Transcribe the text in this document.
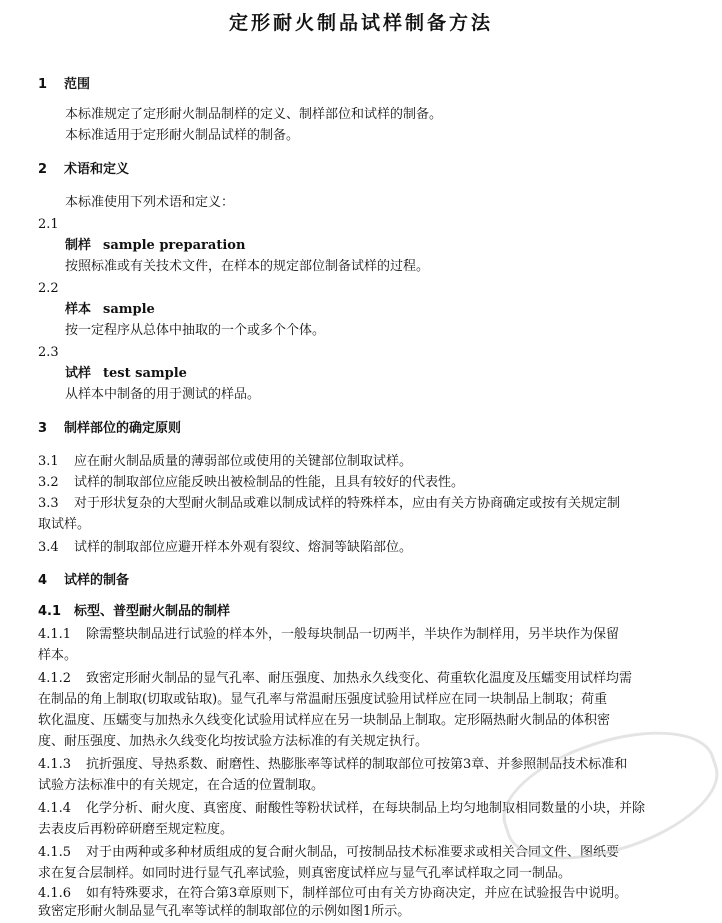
定形耐火制品试样制备方法
1 范围
本标准规定了定形耐火制品制样的定义、制样部位和试样的制备。
本标准适用于定形耐火制品试样的制备。
2 术语和定义
本标准使用下列术语和定义：
2.1
制样 sample preparation
按照标准或有关技术文件，在样本的规定部位制备试样的过程。
2.2
样本 sample
按一定程序从总体中抽取的一个或多个个体。
2.3
试样 test sample
从样本中制备的用于测试的样品。
3 制样部位的确定原则
3.1 应在耐火制品质量的薄弱部位或使用的关键部位制取试样。
3.2 试样的制取部位应能反映出被检制品的性能，且具有较好的代表性。
3.3 对于形状复杂的大型耐火制品或难以制成试样的特殊样本，应由有关方协商确定或按有关规定制
取试样。
3.4 试样的制取部位应避开样本外观有裂纹、熔洞等缺陷部位。
4 试样的制备
4.1 标型、普型耐火制品的制样
4.1.1 除需整块制品进行试验的样本外，一般每块制品一切两半，半块作为制样用，另半块作为保留
样本。
4.1.2 致密定形耐火制品的显气孔率、耐压强度、加热永久线变化、荷重软化温度及压蠕变用试样均需
在制品的角上制取(切取或钻取)。显气孔率与常温耐压强度试验用试样应在同一块制品上制取；荷重
软化温度、压蠕变与加热永久线变化试验用试样应在另一块制品上制取。定形隔热耐火制品的体积密
度、耐压强度、加热永久线变化均按试验方法标准的有关规定执行。
4.1.3 抗折强度、导热系数、耐磨性、热膨胀率等试样的制取部位可按第3章、并参照制品技术标准和
试验方法标准中的有关规定，在合适的位置制取。
4.1.4 化学分析、耐火度、真密度、耐酸性等粉状试样，在每块制品上均匀地制取相同数量的小块，并除
去表皮后再粉碎研磨至规定粒度。
4.1.5 对于由两种或多种材质组成的复合耐火制品，可按制品技术标准要求或相关合同文件、图纸要
求在复合层制样。如同时进行显气孔率试验，则真密度试样应与显气孔率试样取之同一制品。
4.1.6 如有特殊要求，在符合第3章原则下，制样部位可由有关方协商决定，并应在试验报告中说明。
致密定形耐火制品显气孔率等试样的制取部位的示例如图1所示。
